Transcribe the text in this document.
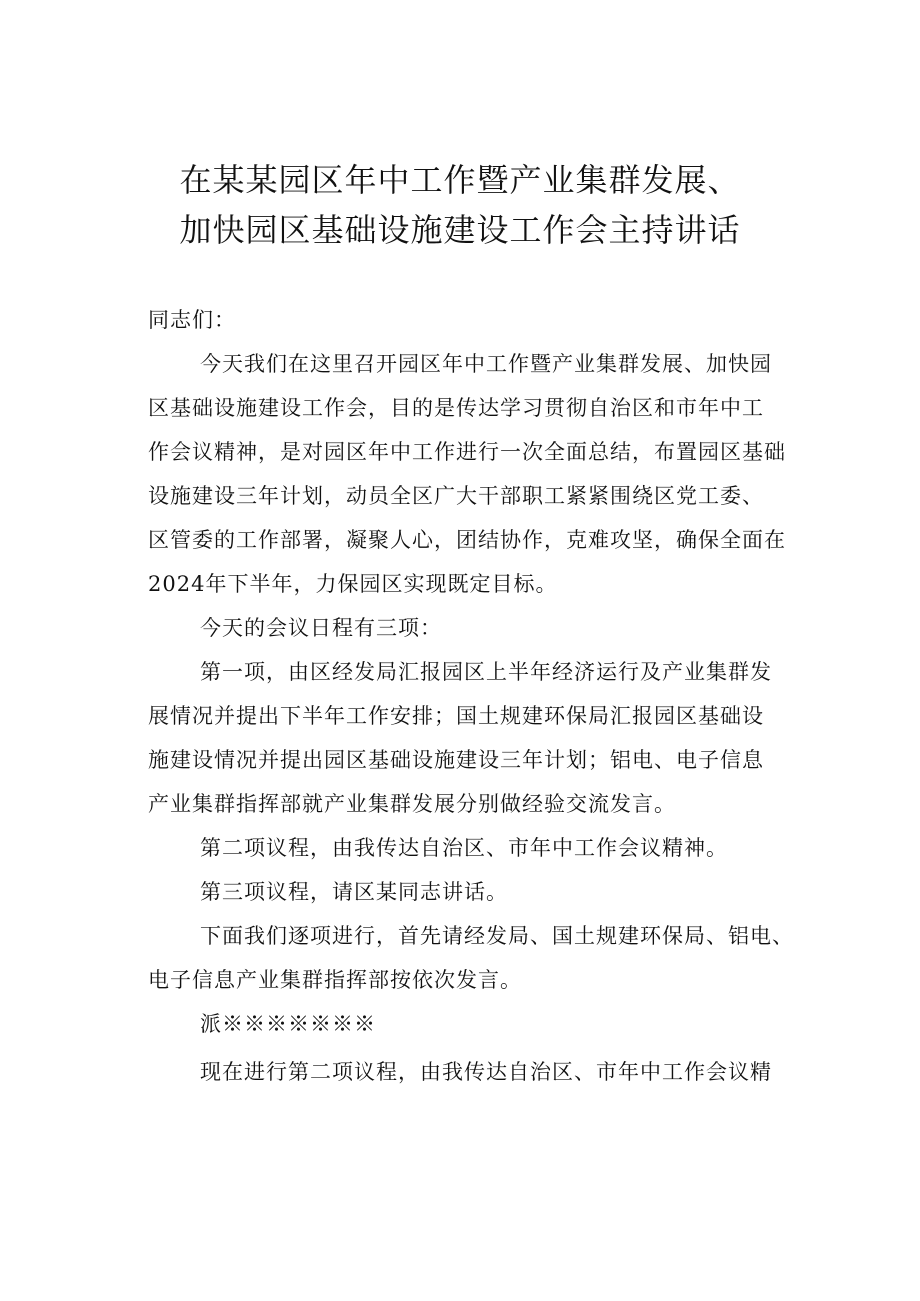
在某某园区年中工作暨产业集群发展、
加快园区基础设施建设工作会主持讲话
同志们：
今天我们在这里召开园区年中工作暨产业集群发展、加快园
区基础设施建设工作会，目的是传达学习贯彻自治区和市年中工
作会议精神，是对园区年中工作进行一次全面总结，布置园区基础
设施建设三年计划，动员全区广大干部职工紧紧围绕区党工委、
区管委的工作部署，凝聚人心，团结协作，克难攻坚，确保全面在
2024年下半年，力保园区实现既定目标。
今天的会议日程有三项：
第一项，由区经发局汇报园区上半年经济运行及产业集群发
展情况并提出下半年工作安排；国土规建环保局汇报园区基础设
施建设情况并提出园区基础设施建设三年计划；铝电、电子信息
产业集群指挥部就产业集群发展分别做经验交流发言。
第二项议程，由我传达自治区、市年中工作会议精神。
第三项议程，请区某同志讲话。
下面我们逐项进行，首先请经发局、国土规建环保局、铝电、
电子信息产业集群指挥部按依次发言。
派※※※※※※※
现在进行第二项议程，由我传达自治区、市年中工作会议精
